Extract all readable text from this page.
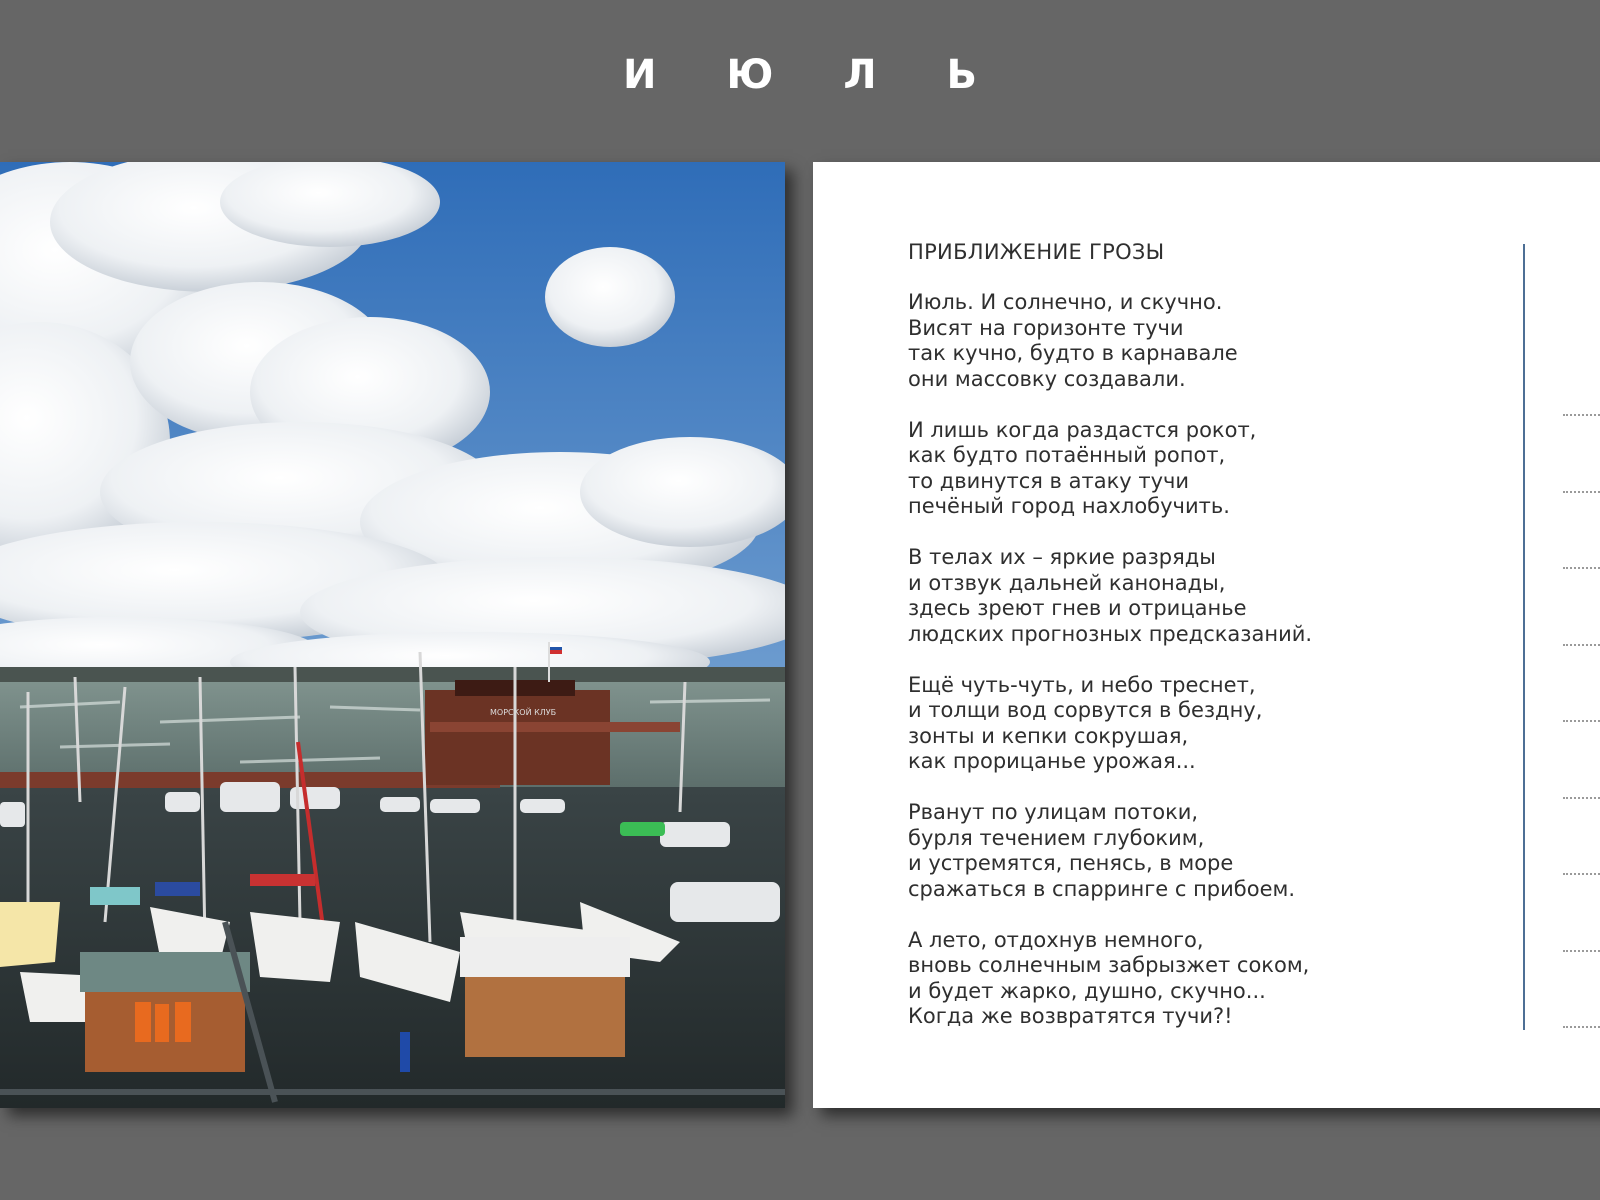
И Ю Л Ь
МОРСКОЙ КЛУБ
ПРИБЛИЖЕНИЕ ГРОЗЫ
Июль. И солнечно, и скучно.
Висят на горизонте тучи
так кучно, будто в карнавале
они массовку создавали.
И лишь когда раздастся рокот,
как будто потаённый ропот,
то двинутся в атаку тучи
печёный город нахлобучить.
В телах их – яркие разряды
и отзвук дальней канонады,
здесь зреют гнев и отрицанье
людских прогнозных предсказаний.
Ещё чуть-чуть, и небо треснет,
и толщи вод сорвутся в бездну,
зонты и кепки сокрушая,
как прорицанье урожая...
Рванут по улицам потоки,
бурля течением глубоким,
и устремятся, пенясь, в море
сражаться в спарринге с прибоем.
А лето, отдохнув немного,
вновь солнечным забрызжет соком,
и будет жарко, душно, скучно...
Когда же возвратятся тучи?!
